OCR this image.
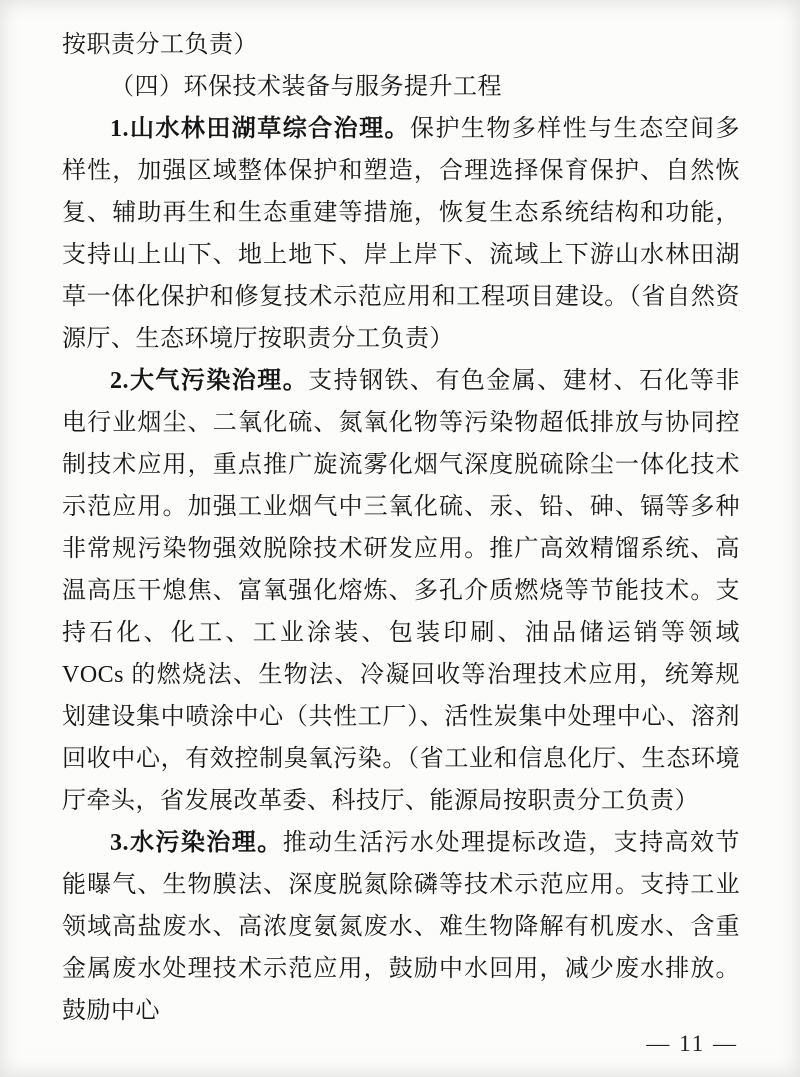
按职责分工负责）

（四）环保技术装备与服务提升工程

1.山水林田湖草综合治理。保护生物多样性与生态空间多样性，加强区域整体保护和塑造，合理选择保育保护、自然恢复、辅助再生和生态重建等措施，恢复生态系统结构和功能，支持山上山下、地上地下、岸上岸下、流域上下游山水林田湖草一体化保护和修复技术示范应用和工程项目建设。（省自然资源厅、生态环境厅按职责分工负责）

2.大气污染治理。支持钢铁、有色金属、建材、石化等非电行业烟尘、二氧化硫、氮氧化物等污染物超低排放与协同控制技术应用，重点推广旋流雾化烟气深度脱硫除尘一体化技术示范应用。加强工业烟气中三氧化硫、汞、铅、砷、镉等多种非常规污染物强效脱除技术研发应用。推广高效精馏系统、高温高压干熄焦、富氧强化熔炼、多孔介质燃烧等节能技术。支持石化、化工、工业涂装、包装印刷、油品储运销等领域 VOCs 的燃烧法、生物法、冷凝回收等治理技术应用，统筹规划建设集中喷涂中心（共性工厂）、活性炭集中处理中心、溶剂回收中心，有效控制臭氧污染。（省工业和信息化厅、生态环境厅牵头，省发展改革委、科技厅、能源局按职责分工负责）

3.水污染治理。推动生活污水处理提标改造，支持高效节能曝气、生物膜法、深度脱氮除磷等技术示范应用。支持工业领域高盐废水、高浓度氨氮废水、难生物降解有机废水、含重金属废水处理技术示范应用，鼓励中水回用，减少废水排放。鼓励中心

— 11 —
